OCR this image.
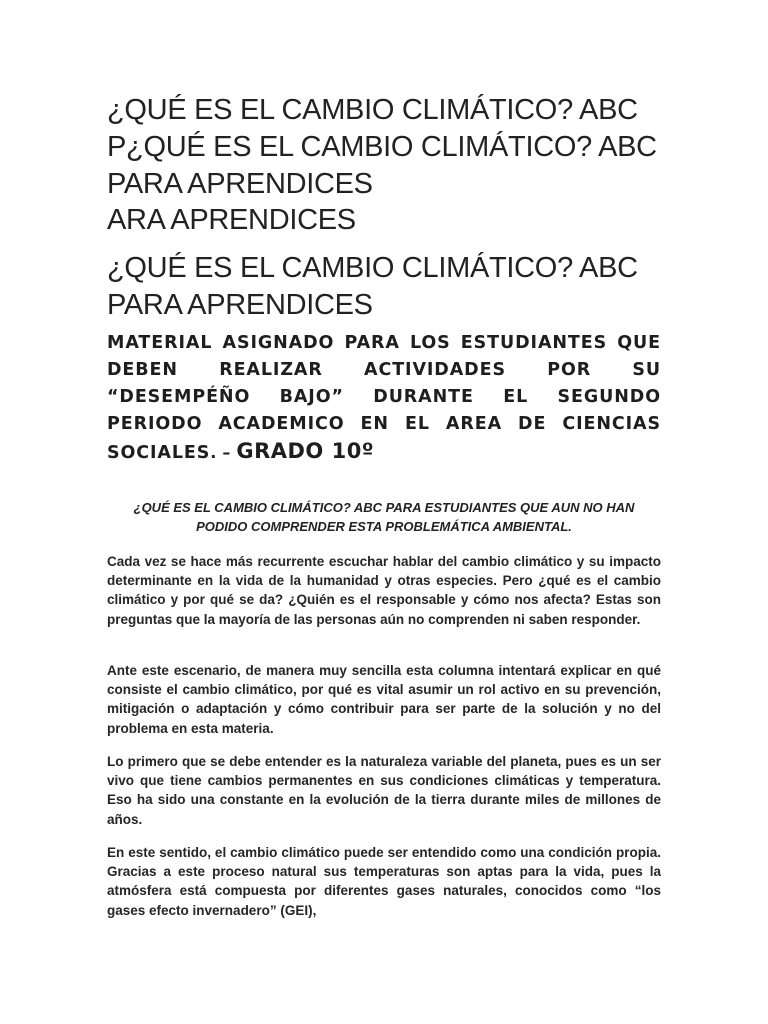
¿QUÉ ES EL CAMBIO CLIMÁTICO? ABC P¿QUÉ ES EL CAMBIO CLIMÁTICO? ABC PARA APRENDICES
ARA APRENDICES
¿QUÉ ES EL CAMBIO CLIMÁTICO? ABC PARA APRENDICES

MATERIAL ASIGNADO PARA LOS ESTUDIANTES QUE DEBEN REALIZAR ACTIVIDADES POR SU “DESEMPÉÑO BAJO” DURANTE EL SEGUNDO PERIODO ACADEMICO EN EL AREA DE CIENCIAS SOCIALES. – GRADO 10º

¿QUÉ ES EL CAMBIO CLIMÁTICO? ABC PARA ESTUDIANTES QUE AUN NO HAN PODIDO COMPRENDER ESTA PROBLEMÁTICA AMBIENTAL.

Cada vez se hace más recurrente escuchar hablar del cambio climático y su impacto determinante en la vida de la humanidad y otras especies. Pero ¿qué es el cambio climático y por qué se da? ¿Quién es el responsable y cómo nos afecta? Estas son preguntas que la mayoría de las personas aún no comprenden ni saben responder.

Ante este escenario, de manera muy sencilla esta columna intentará explicar en qué consiste el cambio climático, por qué es vital asumir un rol activo en su prevención, mitigación o adaptación y cómo contribuir para ser parte de la solución y no del problema en esta materia.

Lo primero que se debe entender es la naturaleza variable del planeta, pues es un ser vivo que tiene cambios permanentes en sus condiciones climáticas y temperatura. Eso ha sido una constante en la evolución de la tierra durante miles de millones de años.

En este sentido, el cambio climático puede ser entendido como una condición propia. Gracias a este proceso natural sus temperaturas son aptas para la vida, pues la atmósfera está compuesta por diferentes gases naturales, conocidos como “los gases efecto invernadero” (GEI),
